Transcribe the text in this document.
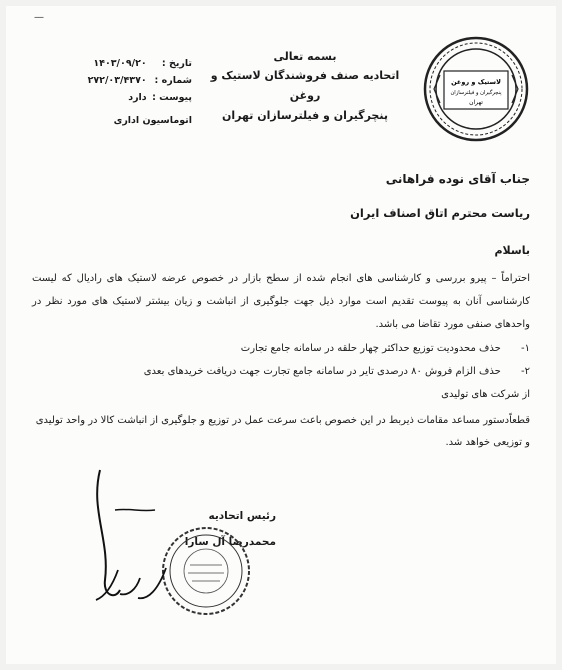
—
تاریخ : ۱۴۰۳/۰۹/۲۰
شماره : ۲۷۲/۰۳/۴۳۷۰
پیوست : دارد
اتوماسیون اداری
بسمه تعالی
اتحادیه صنف فروشندگان لاستیک و روغن
پنچرگیران و فیلترسازان تهران
لاستیک و روغن
پنچرگیران و فیلترسازان
تهران
جناب آقای نوده فراهانی
ریاست محترم اتاق اصناف ایران
باسلام
احتراماً – پیرو بررسی و کارشناسی های انجام شده از سطح بازار در خصوص عرضه لاستیک های رادیال که لیست کارشناسی آنان به پیوست تقدیم است موارد ذیل جهت جلوگیری از انباشت و زیان بیشتر لاستیک های مورد نظر در واحدهای صنفی مورد تقاضا می باشد.
۱- حذف محدودیت توزیع حداکثر چهار حلقه در سامانه جامع تجارت
۲- حذف الزام فروش ۸۰ درصدی تایر در سامانه جامع تجارت جهت دریافت خریدهای بعدی
از شرکت های تولیدی
قطعاًدستور مساعد مقامات ذیربط در این خصوص باعث سرعت عمل در توزیع و جلوگیری از انباشت کالا در واحد تولیدی و توزیعی خواهد شد.
رئیس اتحادیه
محمدرضا آل سارا
